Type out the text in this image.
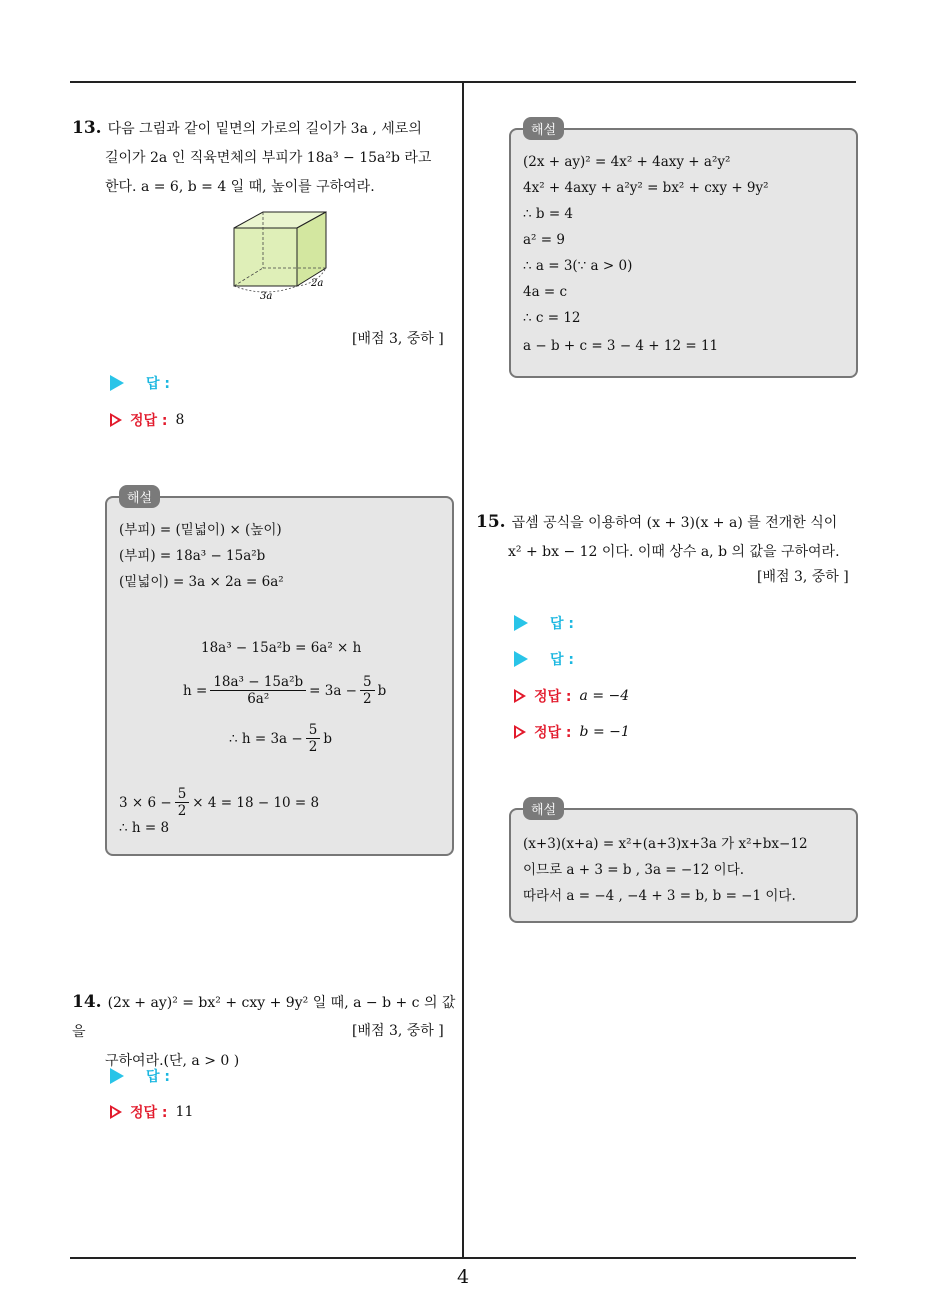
13. 다음 그림과 같이 밑면의 가로의 길이가 3a , 세로의
길이가 2a 인 직육면체의 부피가 18a³ − 15a²b 라고
한다. a = 6, b = 4 일 때, 높이를 구하여라.
3a
2a
[배점 3, 중하 ]
답 :
정답 : 8
해설
(부피) = (밑넓이) × (높이)
(부피) = 18a³ − 15a²b
(밑넓이) = 3a × 2a = 6a²
18a³ − 15a²b = 6a² × h
$h = \frac{\text{18a³ − 15a²b}}{\text{6a²}} = 3a - \frac{5}{2}$ b
∴ $h = 3a - \frac{5}{2}$ b
$3 \times 6 - \frac{5}{2} \times 4 = 18 - 10 = 8$
∴ h = 8
14. (2x + ay)² = bx² + cxy + 9y² 일 때, a − b + c 의 값을
구하여라.(단, a > 0 )
[배점 3, 중하 ]
답 :
정답 : 11
해설
(2x + ay)² = 4x² + 4axy + a²y²
4x² + 4axy + a²y² = bx² + cxy + 9y²
∴ b = 4
a² = 9
∴ a = 3(∵ a > 0)
4a = c
∴ c = 12
a − b + c = 3 − 4 + 12 = 11
15. 곱셈 공식을 이용하여 (x + 3)(x + a) 를 전개한 식이
x² + bx − 12 이다. 이때 상수 a, b 의 값을 구하여라.
[배점 3, 중하 ]
답 :
답 :
정답 : a = −4
정답 : b = −1
해설
(x+3)(x+a) = x²+(a+3)x+3a 가 x²+bx−12
이므로 a + 3 = b , 3a = −12 이다.
따라서 a = −4 , −4 + 3 = b, b = −1 이다.
4
